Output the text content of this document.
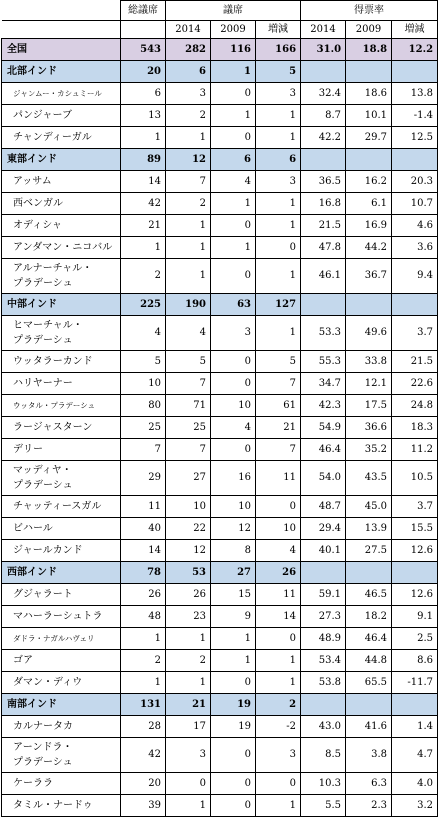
	総議席	議席			得票率		
		2014	2009	増減	2014	2009	増減
全国	543	282	116	166	31.0	18.8	12.2
北部インド	20	6	1	5			
ジャンムー・カシュミール	6	3	0	3	32.4	18.6	13.8
パンジャーブ	13	2	1	1	8.7	10.1	-1.4
チャンディーガル	1	1	0	1	42.2	29.7	12.5
東部インド	89	12	6	6			
アッサム	14	7	4	3	36.5	16.2	20.3
西ベンガル	42	2	1	1	16.8	6.1	10.7
オディシャ	21	1	0	1	21.5	16.9	4.6
アンダマン・ニコバル	1	1	1	0	47.8	44.2	3.6
アルナーチャル・
プラデーシュ	2	1	0	1	46.1	36.7	9.4
中部インド	225	190	63	127			
ヒマーチャル・
プラデーシュ	4	4	3	1	53.3	49.6	3.7
ウッタラーカンド	5	5	0	5	55.3	33.8	21.5
ハリヤーナー	10	7	0	7	34.7	12.1	22.6
ウッタル・プラデーシュ	80	71	10	61	42.3	17.5	24.8
ラージャスターン	25	25	4	21	54.9	36.6	18.3
デリー	7	7	0	7	46.4	35.2	11.2
マッディヤ・
プラデーシュ	29	27	16	11	54.0	43.5	10.5
チャッティースガル	11	10	10	0	48.7	45.0	3.7
ビハール	40	22	12	10	29.4	13.9	15.5
ジャールカンド	14	12	8	4	40.1	27.5	12.6
西部インド	78	53	27	26			
グジャラート	26	26	15	11	59.1	46.5	12.6
マハーラーシュトラ	48	23	9	14	27.3	18.2	9.1
ダドラ・ナガルハヴェリ	1	1	1	0	48.9	46.4	2.5
ゴア	2	2	1	1	53.4	44.8	8.6
ダマン・ディウ	1	1	0	1	53.8	65.5	-11.7
南部インド	131	21	19	2			
カルナータカ	28	17	19	-2	43.0	41.6	1.4
アーンドラ・
プラデーシュ	42	3	0	3	8.5	3.8	4.7
ケーララ	20	0	0	0	10.3	6.3	4.0
タミル・ナードゥ	39	1	0	1	5.5	2.3	3.2
